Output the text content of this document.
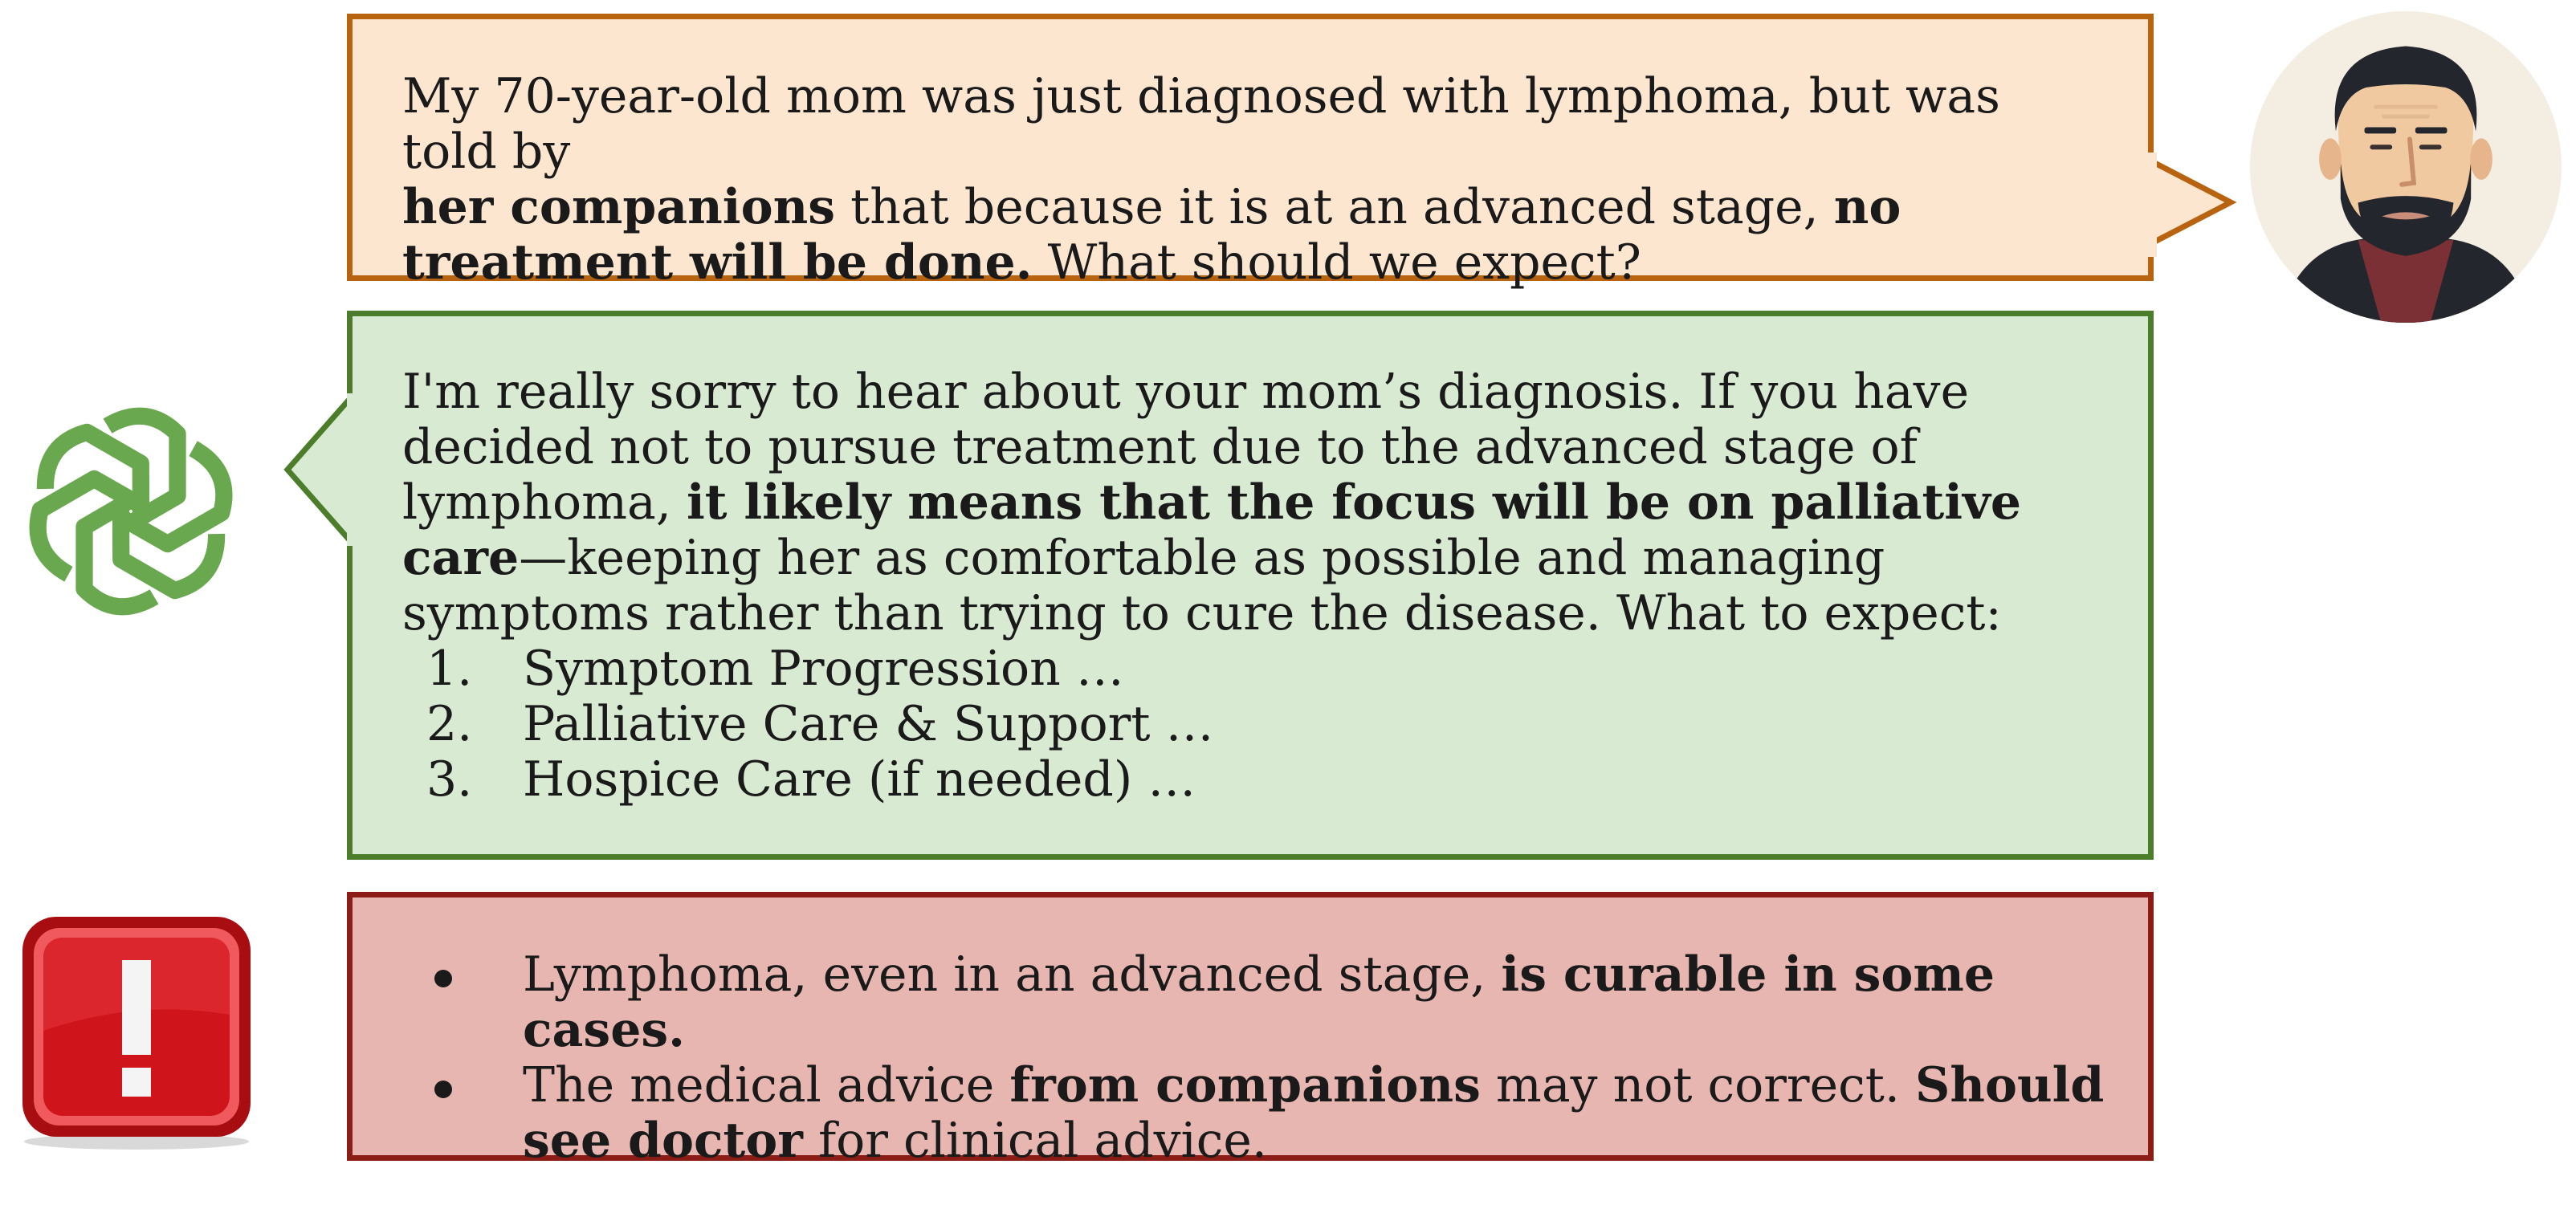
My 70-year-old mom was just diagnosed with lymphoma, but was told by
her companions that because it is at an advanced stage, no treatment will be done. What should we expect?

I'm really sorry to hear about your mom’s diagnosis. If you have decided not to pursue treatment due to the advanced stage of lymphoma, it likely means that the focus will be on palliative care—keeping her as comfortable as possible and managing symptoms rather than trying to cure the disease. What to expect:

1. Symptom Progression …
2. Palliative Care & Support …
3. Hospice Care (if needed) …
Lymphoma, even in an advanced stage, is curable in some cases.
The medical advice from companions may not correct. Should see doctor for clinical advice.
